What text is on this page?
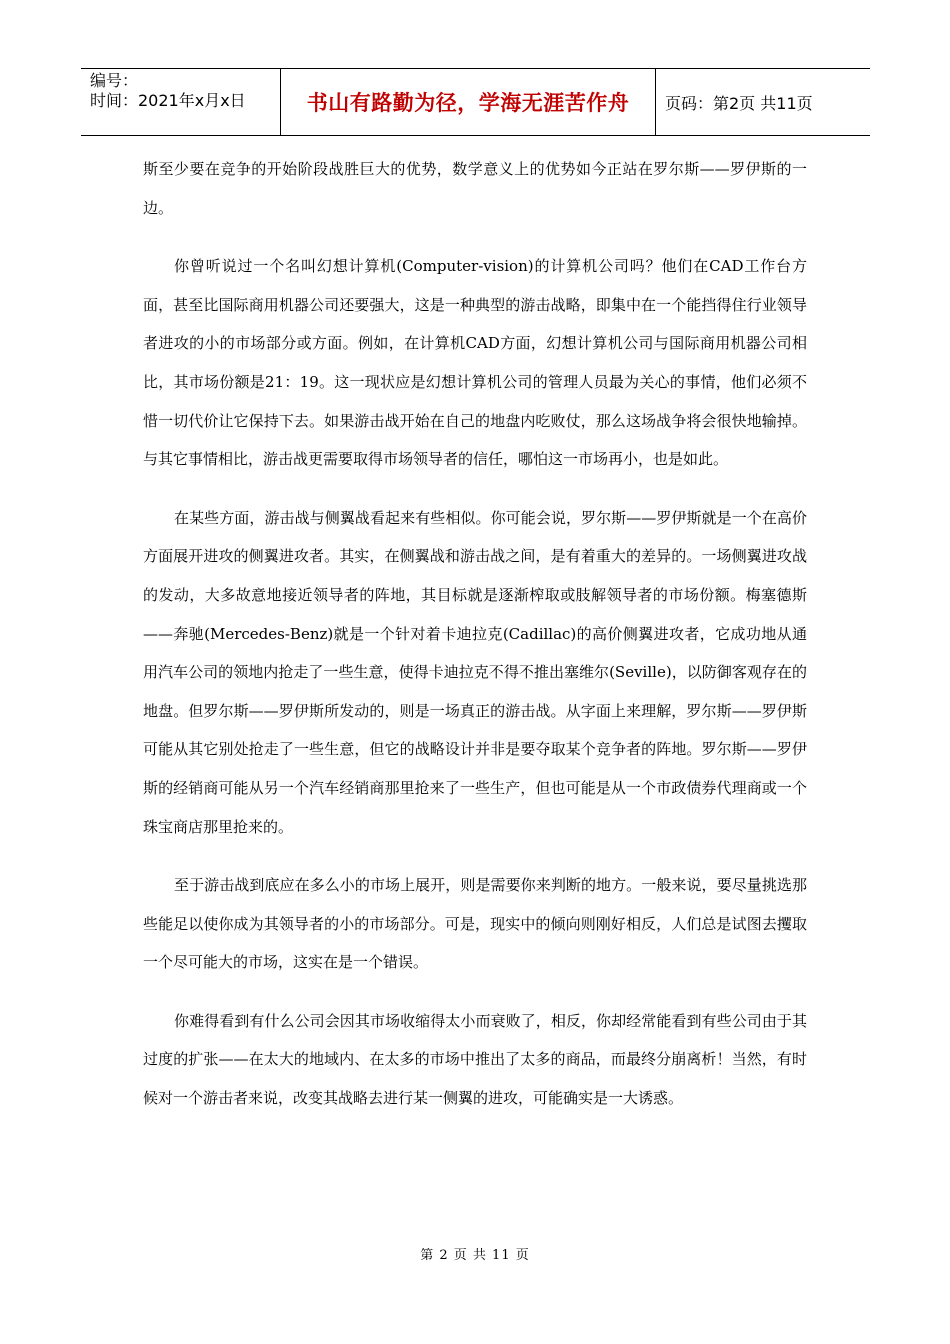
编号：
时间：2021年x月x日	书山有路勤为径，学海无涯苦作舟 页码：第2页 共11页

斯至少要在竞争的开始阶段战胜巨大的优势，数学意义上的优势如今正站在罗尔斯——罗伊斯的一边。

你曾听说过一个名叫幻想计算机(Computer-vision)的计算机公司吗？他们在CAD工作台方面，甚至比国际商用机器公司还要强大，这是一种典型的游击战略，即集中在一个能挡得住行业领导者进攻的小的市场部分或方面。例如，在计算机CAD方面，幻想计算机公司与国际商用机器公司相比，其市场份额是21：19。这一现状应是幻想计算机公司的管理人员最为关心的事情，他们必须不惜一切代价让它保持下去。如果游击战开始在自己的地盘内吃败仗，那么这场战争将会很快地输掉。与其它事情相比，游击战更需要取得市场领导者的信任，哪怕这一市场再小，也是如此。

在某些方面，游击战与侧翼战看起来有些相似。你可能会说，罗尔斯——罗伊斯就是一个在高价方面展开进攻的侧翼进攻者。其实，在侧翼战和游击战之间，是有着重大的差异的。一场侧翼进攻战的发动，大多故意地接近领导者的阵地，其目标就是逐渐榨取或肢解领导者的市场份额。梅塞德斯——奔驰(Mercedes-Benz)就是一个针对着卡迪拉克(Cadillac)的高价侧翼进攻者，它成功地从通用汽车公司的领地内抢走了一些生意，使得卡迪拉克不得不推出塞维尔(Seville)，以防御客观存在的地盘。但罗尔斯——罗伊斯所发动的，则是一场真正的游击战。从字面上来理解，罗尔斯——罗伊斯可能从其它别处抢走了一些生意，但它的战略设计并非是要夺取某个竞争者的阵地。罗尔斯——罗伊斯的经销商可能从另一个汽车经销商那里抢来了一些生产，但也可能是从一个市政债券代理商或一个珠宝商店那里抢来的。

至于游击战到底应在多么小的市场上展开，则是需要你来判断的地方。一般来说，要尽量挑选那些能足以使你成为其领导者的小的市场部分。可是，现实中的倾向则刚好相反，人们总是试图去攫取一个尽可能大的市场，这实在是一个错误。

你难得看到有什么公司会因其市场收缩得太小而衰败了，相反，你却经常能看到有些公司由于其过度的扩张——在太大的地域内、在太多的市场中推出了太多的商品，而最终分崩离析！当然，有时候对一个游击者来说，改变其战略去进行某一侧翼的进攻，可能确实是一大诱惑。

第 2 页 共 11 页
